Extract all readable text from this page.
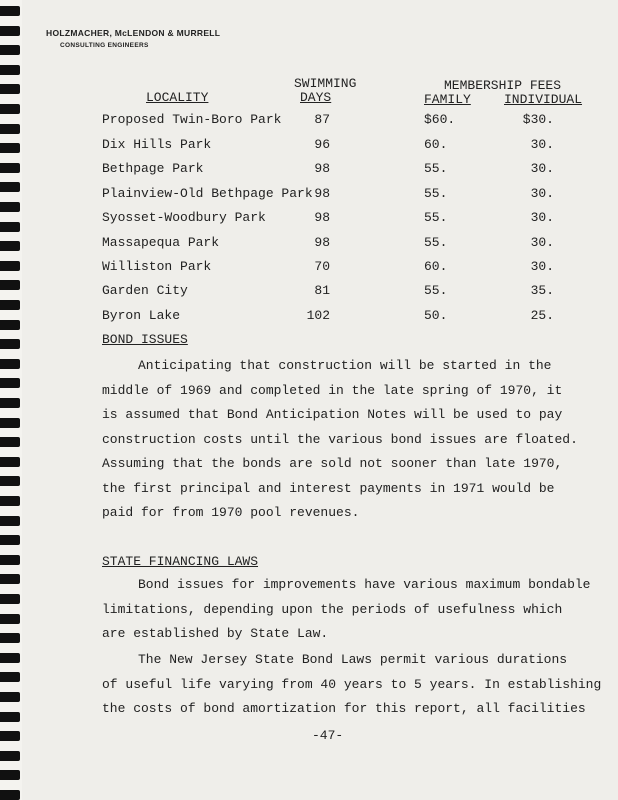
HOLZMACHER, McLENDON & MURRELL
CONSULTING ENGINEERS
SWIMMING	MEMBERSHIP FEES
LOCALITY	DAYS	FAMILY	INDIVIDUAL
Proposed Twin-Boro Park	87	$60.	$30.
Dix Hills Park	96	60.	30.
Bethpage Park	98	55.	30.
Plainview-Old Bethpage Park 98	55.	30.
Syosset-Woodbury Park	98	55.	30.
Massapequa Park	98	55.	30.
Williston Park	70	60.	30.
Garden City	81	55.	35.
Byron Lake	102	50.	25.
BOND ISSUES

Anticipating that construction will be started in the

middle of 1969 and completed in the late spring of 1970, it

is assumed that Bond Anticipation Notes will be used to pay

construction costs until the various bond issues are floated.

Assuming that the bonds are sold not sooner than late 1970,

the first principal and interest payments in 1971 would be

paid for from 1970 pool revenues.

STATE FINANCING LAWS

Bond issues for improvements have various maximum bondable

limitations, depending upon the periods of usefulness which

are established by State Law.

The New Jersey State Bond Laws permit various durations

of useful life varying from 40 years to 5 years. In establishing

the costs of bond amortization for this report, all facilities

-47-
